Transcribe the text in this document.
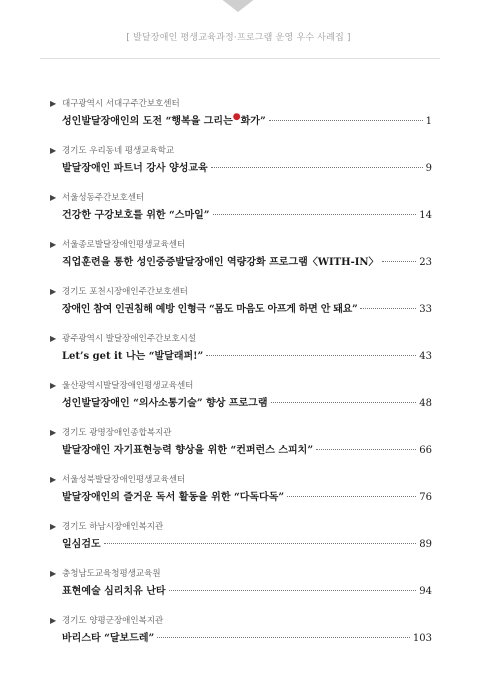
[ 발달장애인 평생교육과정·프로그램 운영 우수 사례집 ]
▶ 대구광역시 서대구주간보호센터
성인발달장애인의 도전 “행복을 그리는●화가”	1
▶ 경기도 우리동네 평생교육학교
발달장애인 파트너 강사 양성교육	9
▶ 서울성동주간보호센터
건강한 구강보호를 위한 “스마일”	14
▶ 서울종로발달장애인평생교육센터
직업훈련을 통한 성인중증발달장애인 역량강화 프로그램〈WITH-IN〉	23
▶ 경기도 포천시장애인주간보호센터
장애인 참여 인권침해 예방 인형극 “몸도 마음도 아프게 하면 안 돼요”	33
▶ 광주광역시 발달장애인주간보호시설
Let’s get it 나는 “발달래퍼!”	43
▶ 울산광역시발달장애인평생교육센터
성인발달장애인 “의사소통기술” 향상 프로그램	48
▶ 경기도 광명장애인종합복지관
발달장애인 자기표현능력 향상을 위한 “컨퍼런스 스피치”	66
▶ 서울성북발달장애인평생교육센터
발달장애인의 즐거운 독서 활동을 위한 “다독다독”	76
▶ 경기도 하남시장애인복지관
일심검도	89
▶ 충청남도교육청평생교육원
표현예술 심리치유 난타	94
▶ 경기도 양평군장애인복지관
바리스타 “달보드레”	103
